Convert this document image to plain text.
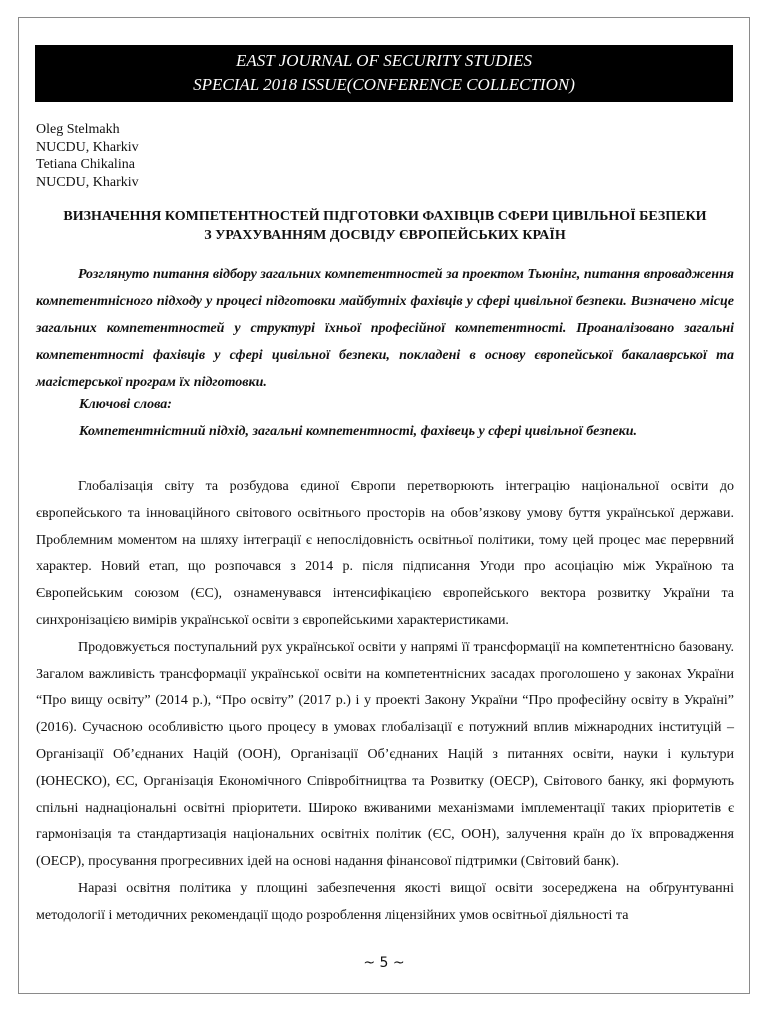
EAST JOURNAL OF SECURITY STUDIES
SPECIAL 2018 ISSUE(CONFERENCE COLLECTION)
Oleg Stelmakh
NUCDU, Kharkiv
Tetiana Chikalina
NUCDU, Kharkiv
ВИЗНАЧЕННЯ КОМПЕТЕНТНОСТЕЙ ПІДГОТОВКИ ФАХІВЦІВ СФЕРИ ЦИВІЛЬНОЇ БЕЗПЕКИ
З УРАХУВАННЯМ ДОСВІДУ ЄВРОПЕЙСЬКИХ КРАЇН

Розглянуто питання відбору загальних компетентностей за проектом Тьюнінг, питання впровадження компетентнісного підходу у процесі підготовки майбутніх фахівців у сфері цивільної безпеки. Визначено місце загальних компетентностей у структурі їхньої професійної компетентності. Проаналізовано загальні компетентності фахівців у сфері цивільної безпеки, покладені в основу європейської бакалаврської та магістерської програм їх підготовки.

Ключові слова:
Компетентністний підхід, загальні компетентності, фахівець у сфері цивільної безпеки.

Глобалізація світу та розбудова єдиної Європи перетворюють інтеграцію національної освіти до європейського та інноваційного світового освітнього просторів на обов’язкову умову буття української держави. Проблемним моментом на шляху інтеграції є непослідовність освітньої політики, тому цей процес має перервний характер. Новий етап, що розпочався з 2014 р. після підписання Угоди про асоціацію між Україною та Європейським союзом (ЄС), ознаменувався інтенсифікацією європейського вектора розвитку України та синхронізацією вимірів української освіти з європейськими характеристиками.

Продовжується поступальний рух української освіти у напрямі її трансформації на компетентнісно базовану. Загалом важливість трансформації української освіти на компетентнісних засадах проголошено у законах України “Про вищу освіту” (2014 р.), “Про освіту” (2017 р.) і у проекті Закону України “Про професійну освіту в Україні” (2016). Сучасною особливістю цього процесу в умовах глобалізації є потужний вплив міжнародних інституцій – Організації Об’єднаних Націй (ООН), Організації Об’єднаних Націй з питаннях освіти, науки і культури (ЮНЕСКО), ЄС, Організація Економічного Співробітництва та Розвитку (ОЕСР), Світового банку, які формують спільні наднаціональні освітні пріоритети. Широко вживаними механізмами імплементації таких пріоритетів є гармонізація та стандартизація національних освітніх політик (ЄС, ООН), залучення країн до їх впровадження (ОЕСР), просування прогресивних ідей на основі надання фінансової підтримки (Світовий банк).

Наразі освітня політика у площині забезпечення якості вищої освіти зосереджена на обґрунтуванні методології і методичних рекомендації щодо розроблення ліцензійних умов освітньої діяльності та

~ 5 ~
